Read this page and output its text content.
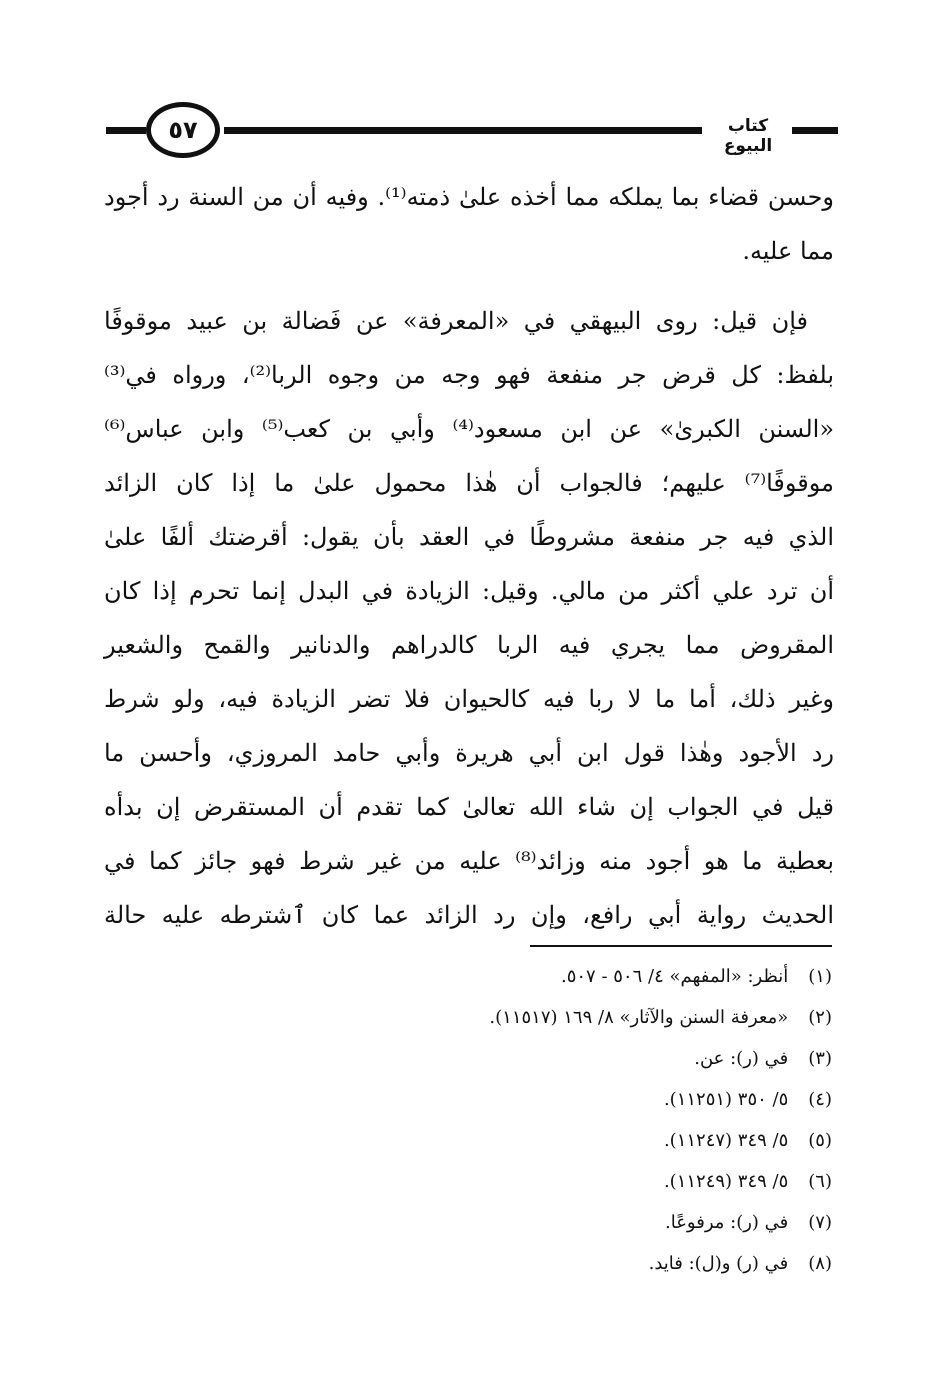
٥٧	كتاب البيوع
وحسن قضاء بما يملكه مما أخذه علىٰ ذمته⁽¹⁾. وفيه أن من السنة رد أجود
مما عليه.
فإن قيل: روى البيهقي في «المعرفة» عن فَضالة بن عبيد موقوفًا
بلفظ: كل قرض جر منفعة فهو وجه من وجوه الربا⁽²⁾، ورواه في⁽³⁾
«السنن الكبرىٰ» عن ابن مسعود⁽⁴⁾ وأبي بن كعب⁽⁵⁾ وابن عباس⁽⁶⁾
موقوفًا⁽⁷⁾ عليهم؛ فالجواب أن هٰذا محمول علىٰ ما إذا كان الزائد
الذي فيه جر منفعة مشروطًا في العقد بأن يقول: أقرضتك ألفًا علىٰ
أن ترد علي أكثر من مالي. وقيل: الزيادة في البدل إنما تحرم إذا كان
المقروض مما يجري فيه الربا كالدراهم والدنانير والقمح والشعير
وغير ذلك، أما ما لا ربا فيه كالحيوان فلا تضر الزيادة فيه، ولو شرط
رد الأجود وهٰذا قول ابن أبي هريرة وأبي حامد المروزي، وأحسن ما
قيل في الجواب إن شاء الله تعالىٰ كما تقدم أن المستقرض إن بدأه
بعطية ما هو أجود منه وزائد⁽⁸⁾ عليه من غير شرط فهو جائز كما في
الحديث رواية أبي رافع، وإن رد الزائد عما كان ٱشترطه عليه حالة
(١) أنظر: «المفهم» ٤/ ٥٠٦ - ٥٠٧.
(٢) «معرفة السنن والآثار» ٨/ ١٦٩ (١١٥١٧).
(٣) في (ر): عن.
(٤) ٥/ ٣٥٠ (١١٢٥١).
(٥) ٥/ ٣٤٩ (١١٢٤٧).
(٦) ٥/ ٣٤٩ (١١٢٤٩).
(٧) في (ر): مرفوعًا.
(٨) في (ر) و(ل): فايد.
